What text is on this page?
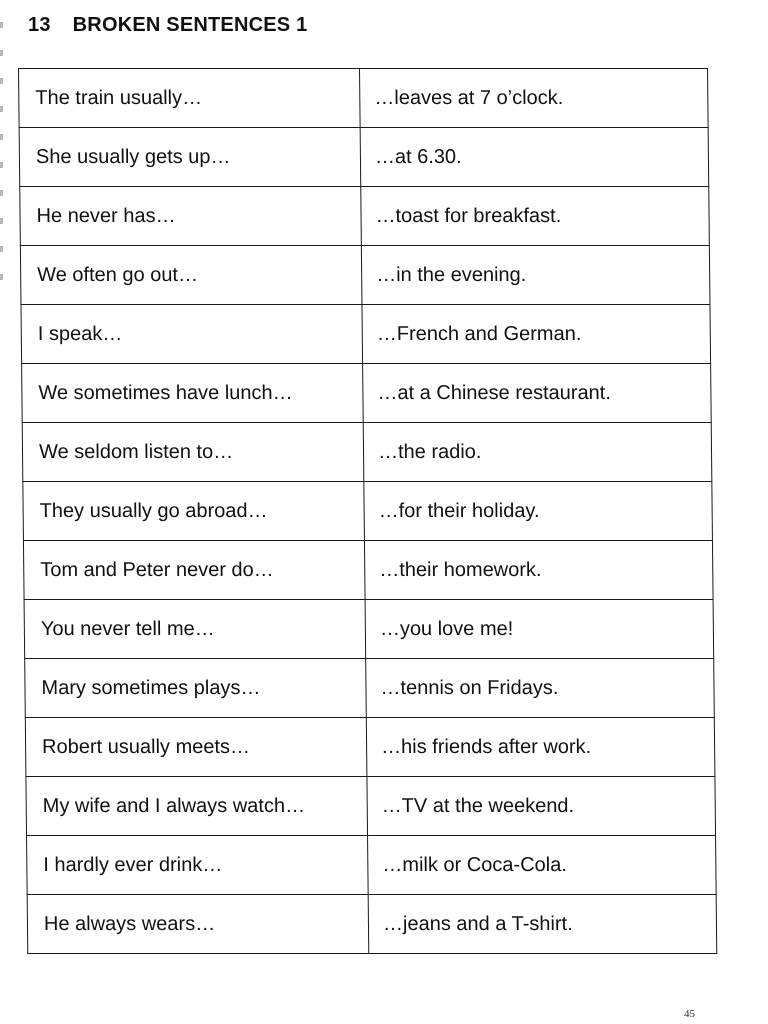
13 BROKEN SENTENCES 1
The train usually…	…leaves at 7 o’clock.
She usually gets up…	…at 6.30.
He never has…	…toast for breakfast.
We often go out…	…in the evening.
I speak…	…French and German.
We sometimes have lunch…	…at a Chinese restaurant.
We seldom listen to…	…the radio.
They usually go abroad…	…for their holiday.
Tom and Peter never do…	…their homework.
You never tell me…	…you love me!
Mary sometimes plays…	…tennis on Fridays.
Robert usually meets…	…his friends after work.
My wife and I always watch…	…TV at the weekend.
I hardly ever drink…	…milk or Coca-Cola.
He always wears…	…jeans and a T-shirt.
45
